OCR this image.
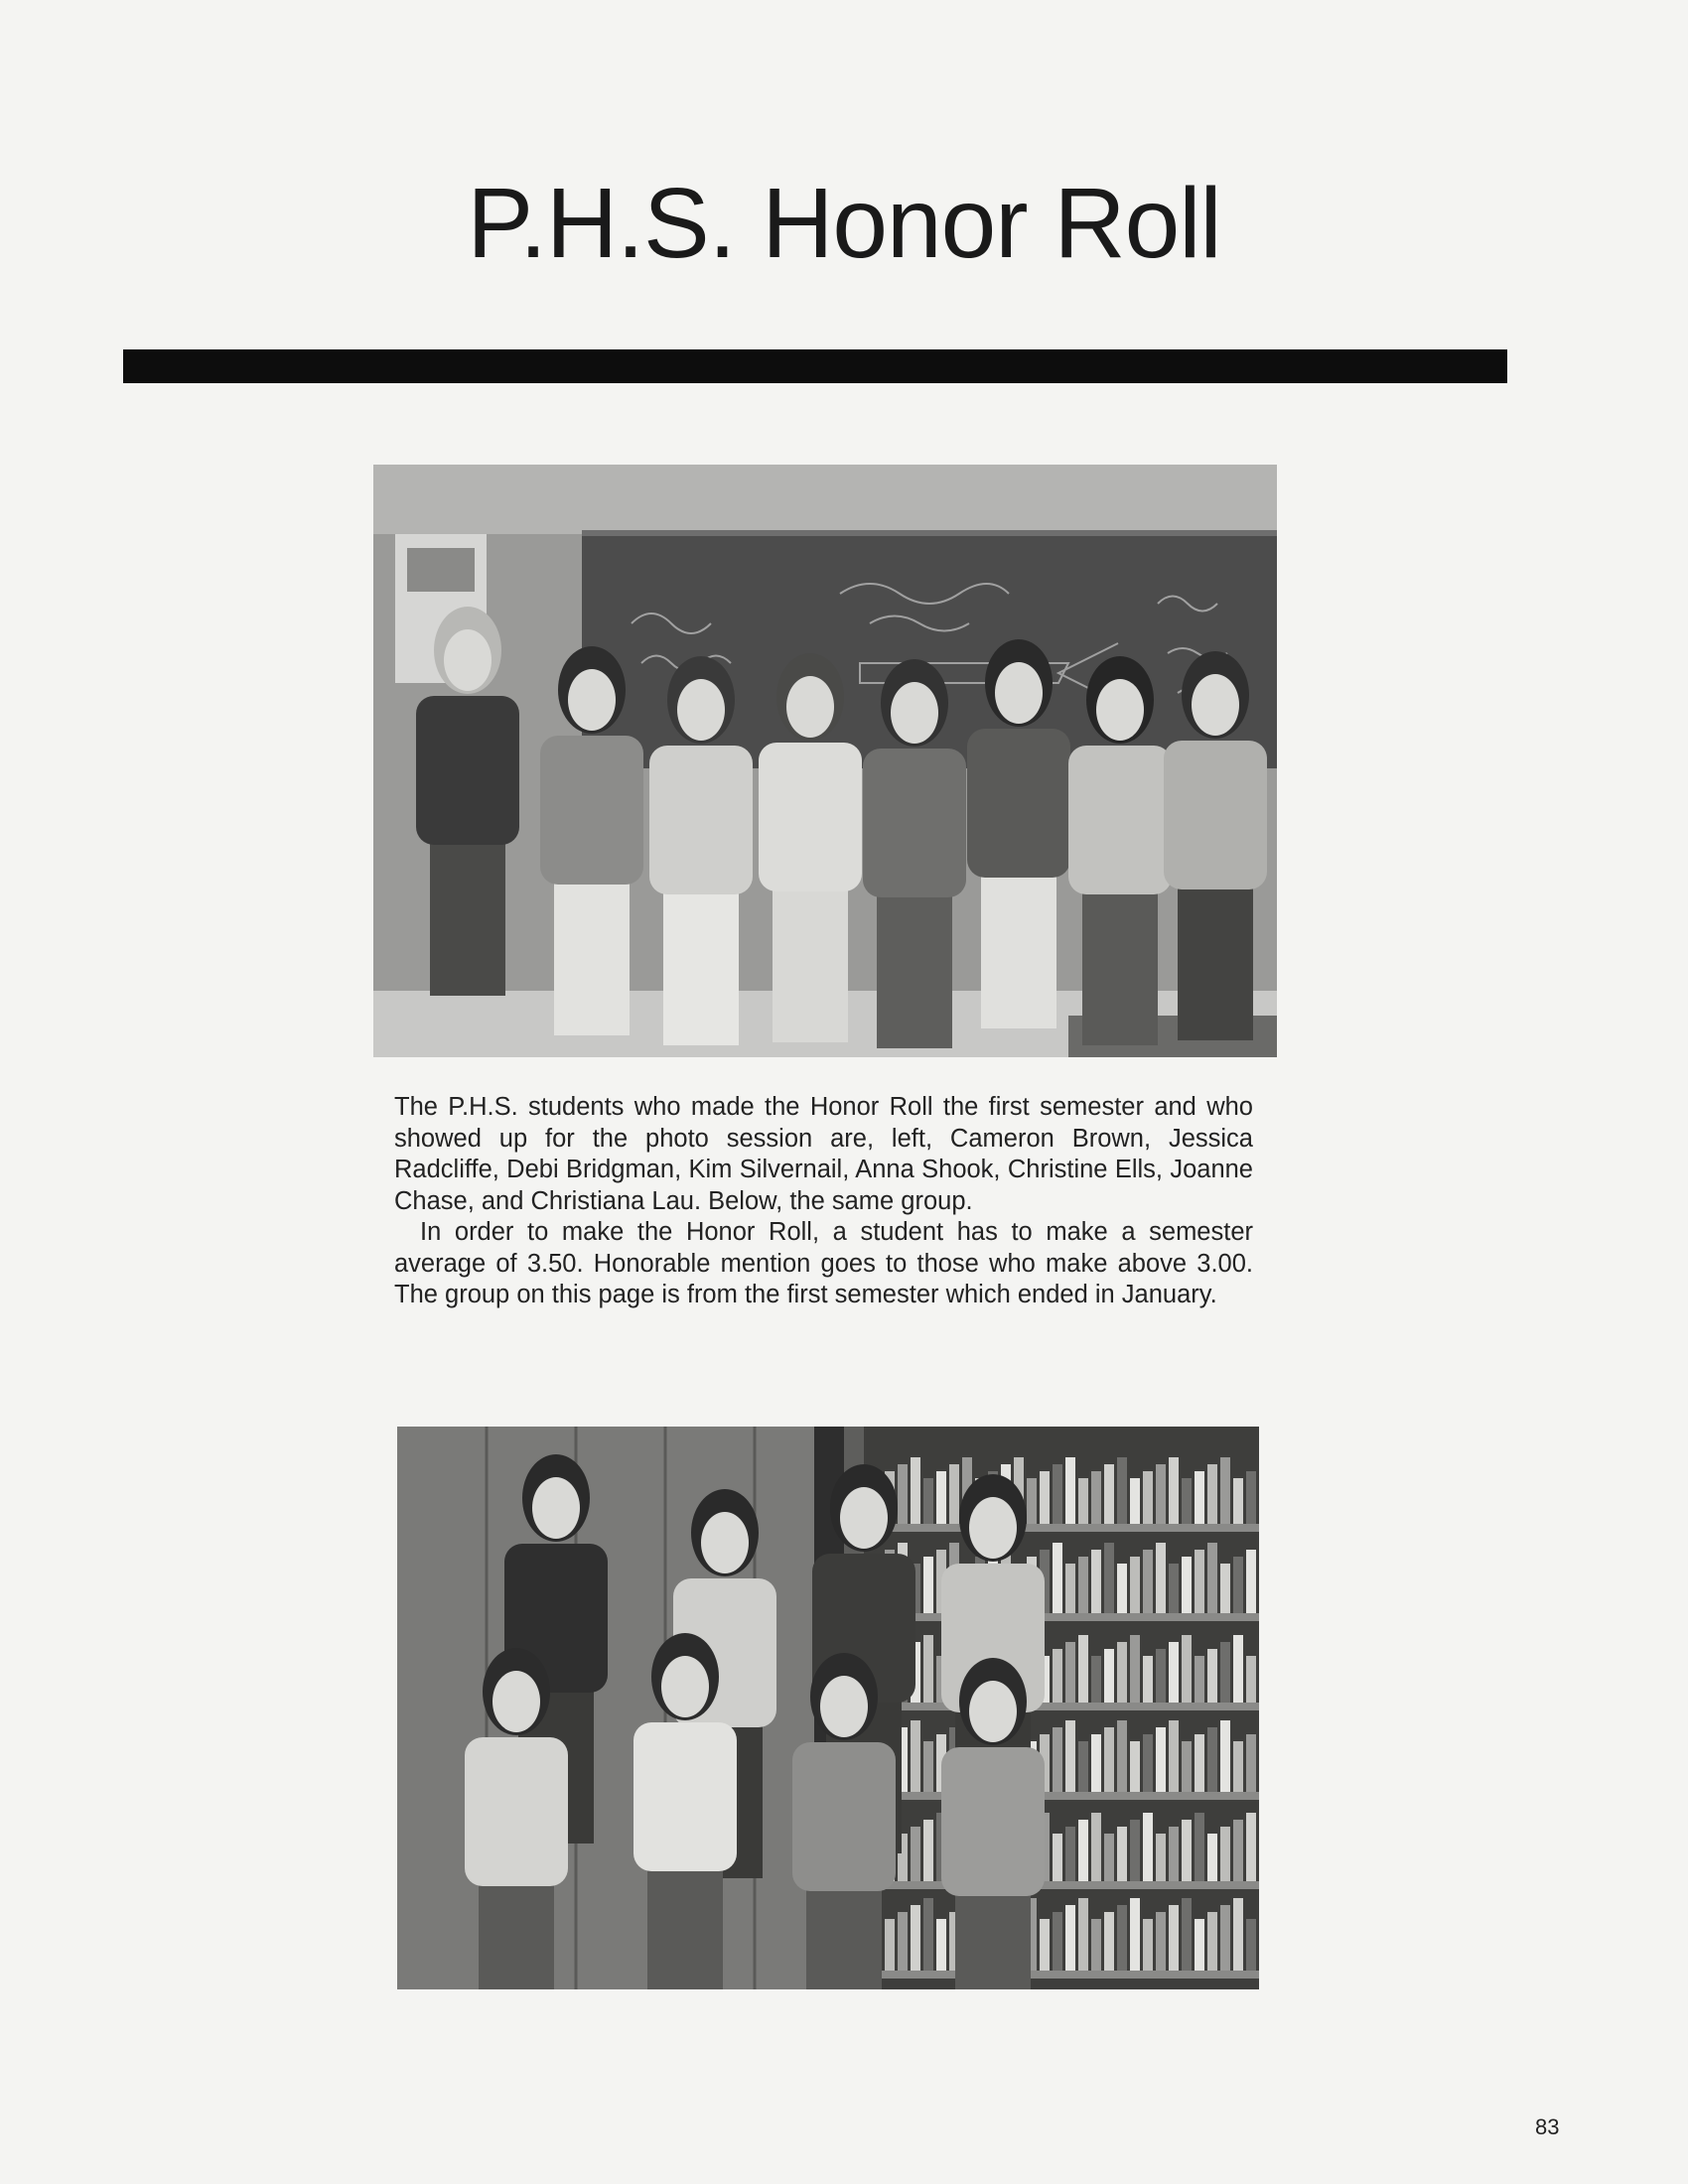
P.H.S. Honor Roll

The P.H.S. students who made the Honor Roll the first semester and who showed up for the photo session are, left, Cameron Brown, Jessica Radcliffe, Debi Bridgman, Kim Silvernail, Anna Shook, Christine Ells, Joanne Chase, and Christiana Lau. Below, the same group.

In order to make the Honor Roll, a student has to make a semester average of 3.50. Honorable mention goes to those who make above 3.00. The group on this page is from the first semester which ended in January.

83
